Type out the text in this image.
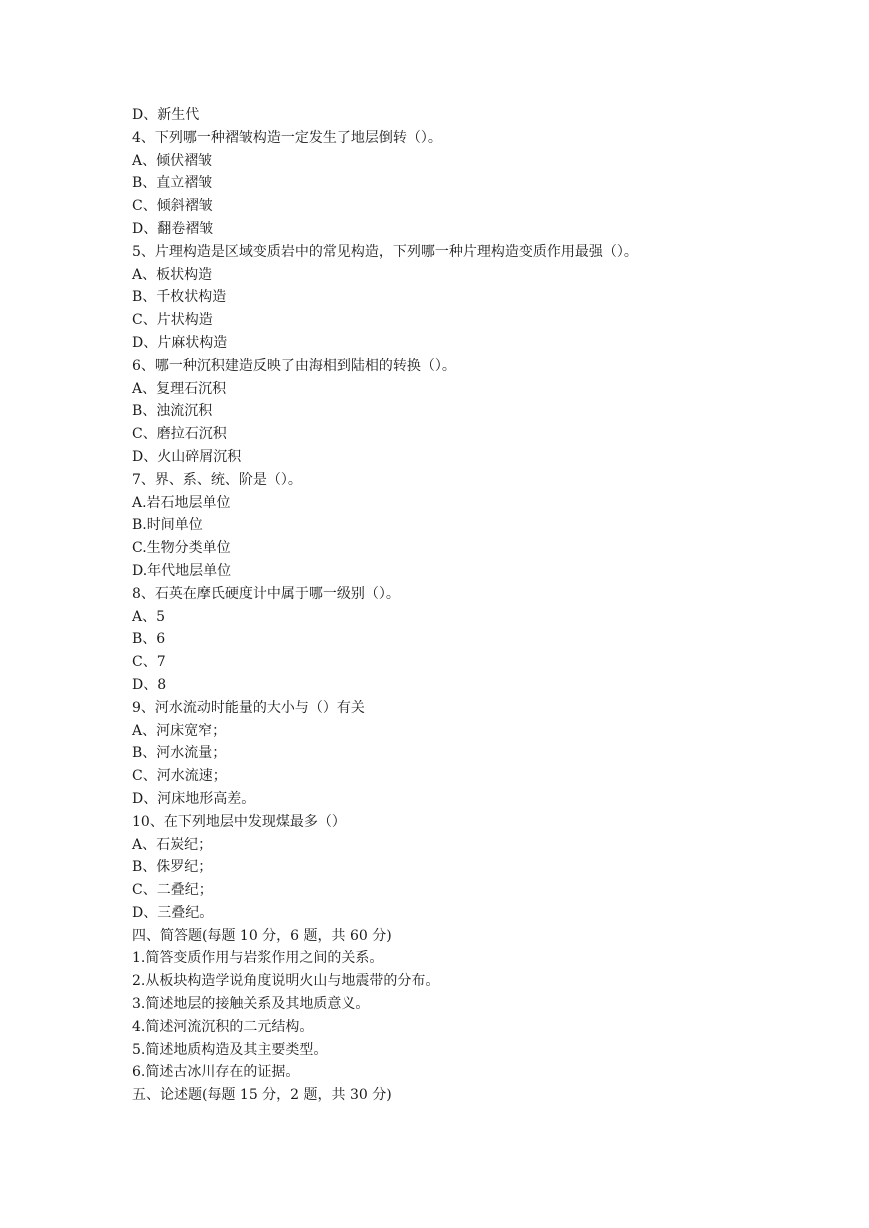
D、新生代
4、下列哪一种褶皱构造一定发生了地层倒转（）。
A、倾伏褶皱
B、直立褶皱
C、倾斜褶皱
D、翻卷褶皱
5、片理构造是区域变质岩中的常见构造，下列哪一种片理构造变质作用最强（）。
A、板状构造
B、千枚状构造
C、片状构造
D、片麻状构造
6、哪一种沉积建造反映了由海相到陆相的转换（）。
A、复理石沉积
B、浊流沉积
C、磨拉石沉积
D、火山碎屑沉积
7、界、系、统、阶是（）。
A.岩石地层单位
B.时间单位
C.生物分类单位
D.年代地层单位
8、石英在摩氏硬度计中属于哪一级别（）。
A、5
B、6
C、7
D、8
9、河水流动时能量的大小与（）有关
A、河床宽窄；
B、河水流量；
C、河水流速；
D、河床地形高差。
10、在下列地层中发现煤最多（）
A、石炭纪；
B、侏罗纪；
C、二叠纪；
D、三叠纪。
四、简答题(每题 10 分，6 题，共 60 分)
1.简答变质作用与岩浆作用之间的关系。
2.从板块构造学说角度说明火山与地震带的分布。
3.简述地层的接触关系及其地质意义。
4.简述河流沉积的二元结构。
5.简述地质构造及其主要类型。
6.简述古冰川存在的证据。
五、论述题(每题 15 分，2 题，共 30 分)
